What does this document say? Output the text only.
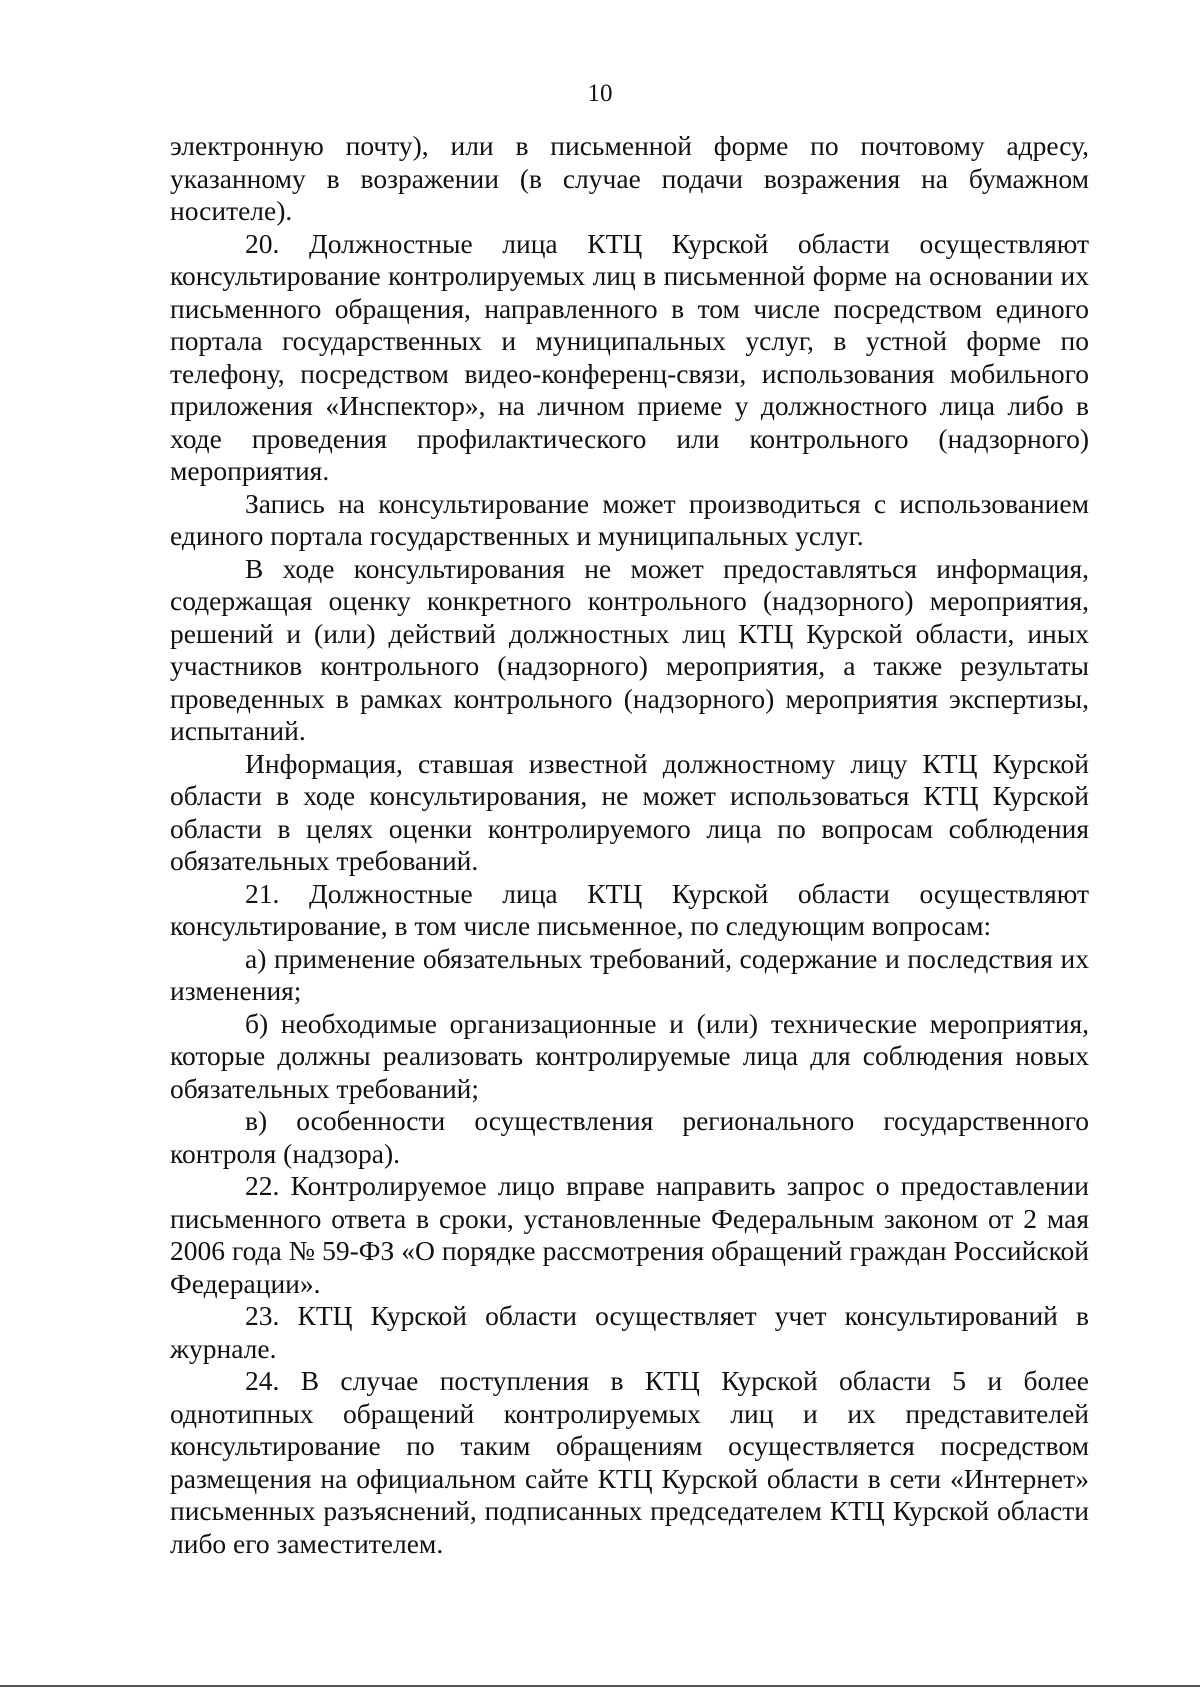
10

электронную почту), или в письменной форме по почтовому адресу, указанному в возражении (в случае подачи возражения на бумажном носителе).

20. Должностные лица КТЦ Курской области осуществляют консультирование контролируемых лиц в письменной форме на основании их письменного обращения, направленного в том числе посредством единого портала государственных и муниципальных услуг, в устной форме по телефону, посредством видео-конференц-связи, использования мобильного приложения «Инспектор», на личном приеме у должностного лица либо в ходе проведения профилактического или контрольного (надзорного) мероприятия.

Запись на консультирование может производиться с использованием единого портала государственных и муниципальных услуг.

В ходе консультирования не может предоставляться информация, содержащая оценку конкретного контрольного (надзорного) мероприятия, решений и (или) действий должностных лиц КТЦ Курской области, иных участников контрольного (надзорного) мероприятия, а также результаты проведенных в рамках контрольного (надзорного) мероприятия экспертизы, испытаний.

Информация, ставшая известной должностному лицу КТЦ Курской области в ходе консультирования, не может использоваться КТЦ Курской области в целях оценки контролируемого лица по вопросам соблюдения обязательных требований.

21. Должностные лица КТЦ Курской области осуществляют консультирование, в том числе письменное, по следующим вопросам:

а) применение обязательных требований, содержание и последствия их изменения;

б) необходимые организационные и (или) технические мероприятия, которые должны реализовать контролируемые лица для соблюдения новых обязательных требований;

в) особенности осуществления регионального государственного контроля (надзора).

22. Контролируемое лицо вправе направить запрос о предоставлении письменного ответа в сроки, установленные Федеральным законом от 2 мая 2006 года № 59-ФЗ «О порядке рассмотрения обращений граждан Российской Федерации».

23. КТЦ Курской области осуществляет учет консультирований в журнале.

24. В случае поступления в КТЦ Курской области 5 и более однотипных обращений контролируемых лиц и их представителей консультирование по таким обращениям осуществляется посредством размещения на официальном сайте КТЦ Курской области в сети «Интернет» письменных разъяснений, подписанных председателем КТЦ Курской области либо его заместителем.
